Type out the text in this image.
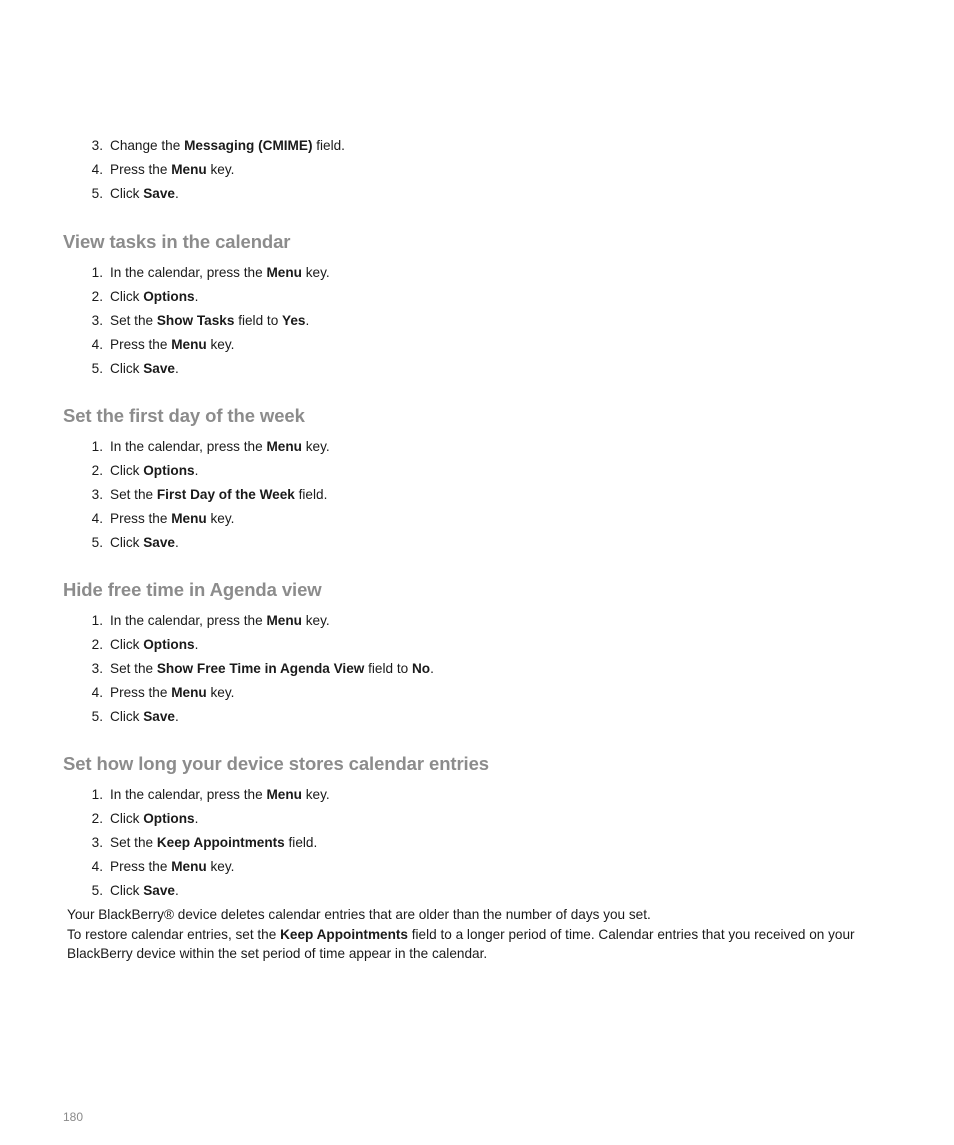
3. Change the Messaging (CMIME) field.
4. Press the Menu key.
5. Click Save.
View tasks in the calendar
1. In the calendar, press the Menu key.
2. Click Options.
3. Set the Show Tasks field to Yes.
4. Press the Menu key.
5. Click Save.
Set the first day of the week
1. In the calendar, press the Menu key.
2. Click Options.
3. Set the First Day of the Week field.
4. Press the Menu key.
5. Click Save.
Hide free time in Agenda view
1. In the calendar, press the Menu key.
2. Click Options.
3. Set the Show Free Time in Agenda View field to No.
4. Press the Menu key.
5. Click Save.
Set how long your device stores calendar entries
1. In the calendar, press the Menu key.
2. Click Options.
3. Set the Keep Appointments field.
4. Press the Menu key.
5. Click Save.

Your BlackBerry® device deletes calendar entries that are older than the number of days you set.

To restore calendar entries, set the Keep Appointments field to a longer period of time. Calendar entries that you received on your BlackBerry device within the set period of time appear in the calendar.

180
